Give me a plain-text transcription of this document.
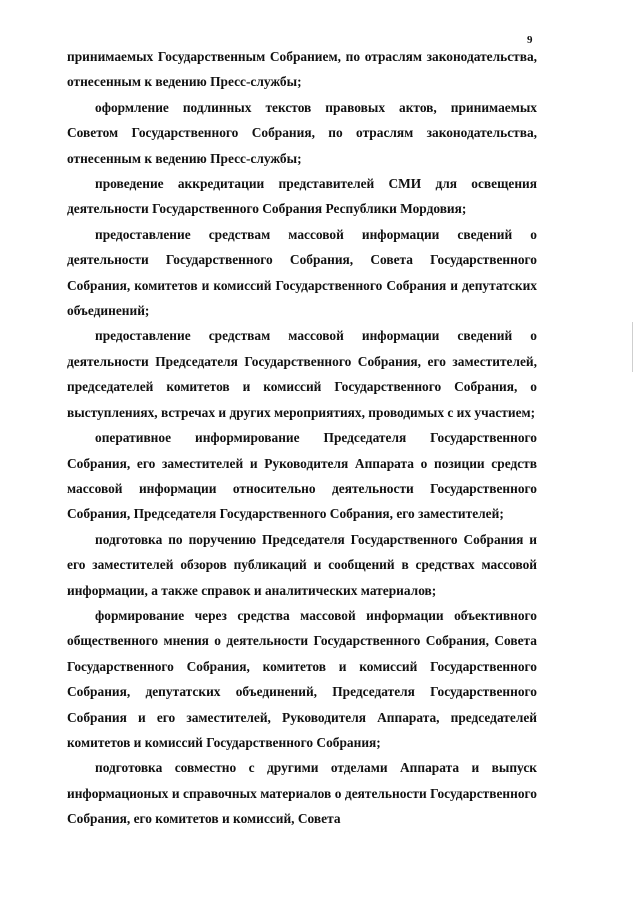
9

принимаемых Государственным Собранием, по отраслям законодательства, отнесенным к ведению Пресс-службы;

оформление подлинных текстов правовых актов, принимаемых Советом Государственного Собрания, по отраслям законодательства, отнесенным к ведению Пресс-службы;

проведение аккредитации представителей СМИ для освещения деятельности Государственного Собрания Республики Мордовия;

предоставление средствам массовой информации сведений о деятельности Государственного Собрания, Совета Государственного Собрания, комитетов и комиссий Государственного Собрания и депутатских объединений;

предоставление средствам массовой информации сведений о деятельности Председателя Государственного Собрания, его заместителей, председателей комитетов и комиссий Государственного Собрания, о выступлениях, встречах и других мероприятиях, проводимых с их участием;

оперативное информирование Председателя Государственного Собрания, его заместителей и Руководителя Аппарата о позиции средств массовой информации относительно деятельности Государственного Собрания, Председателя Государственного Собрания, его заместителей;

подготовка по поручению Председателя Государственного Собрания и его заместителей обзоров публикаций и сообщений в средствах массовой информации, а также справок и аналитических материалов;

формирование через средства массовой информации объективного общественного мнения о деятельности Государственного Собрания, Совета Государственного Собрания, комитетов и комиссий Государственного Собрания, депутатских объединений, Председателя Государственного Собрания и его заместителей, Руководителя Аппарата, председателей комитетов и комиссий Государственного Собрания;

подготовка совместно с другими отделами Аппарата и выпуск информационых и справочных материалов о деятельности Государственного Собрания, его комитетов и комиссий, Совета
